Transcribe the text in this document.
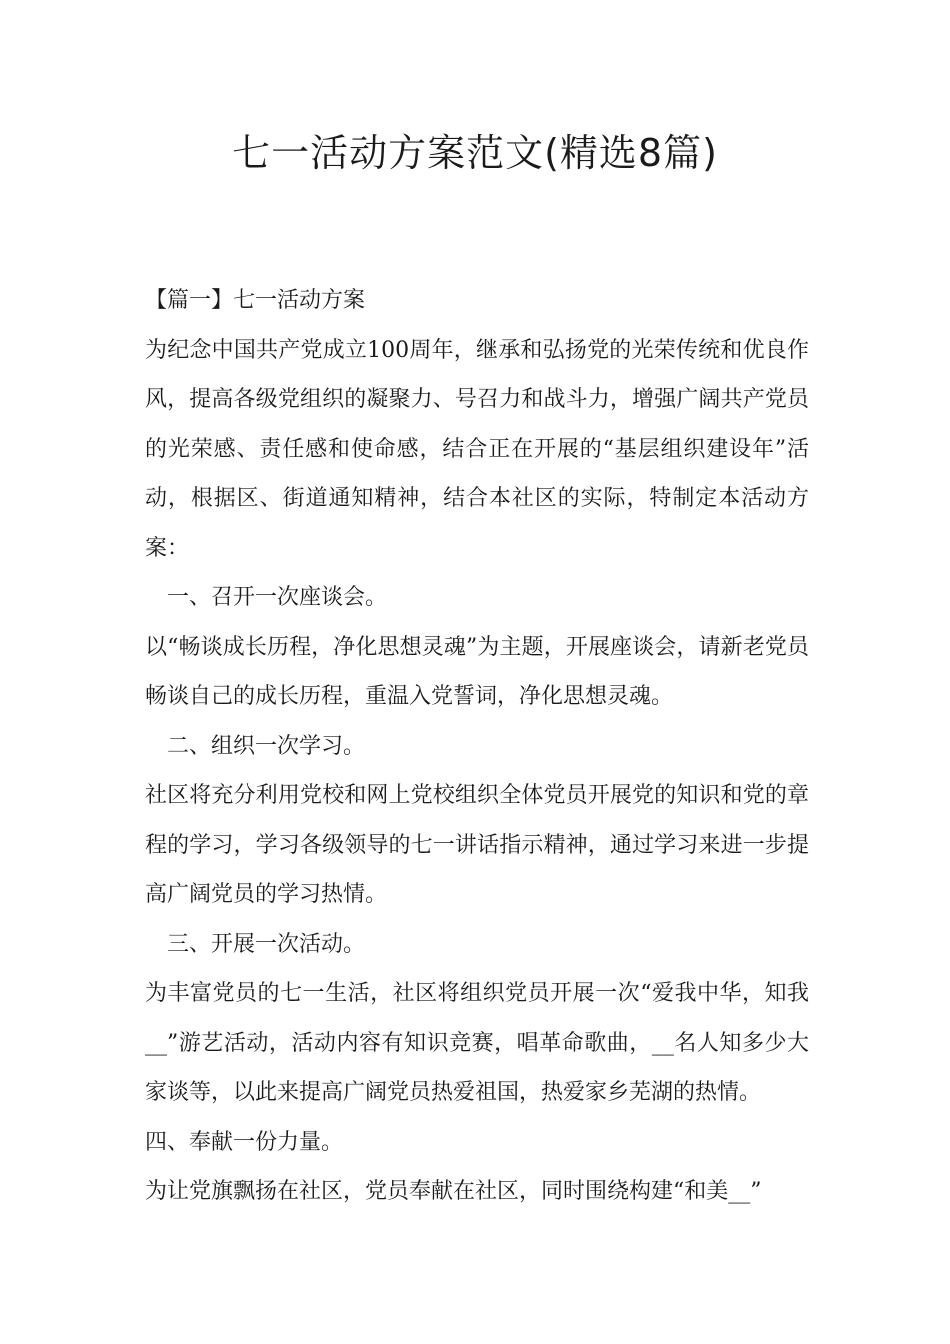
七一活动方案范文(精选8篇)

【篇一】七一活动方案

为纪念中国共产党成立100周年，继承和弘扬党的光荣传统和优良作风，提高各级党组织的凝聚力、号召力和战斗力，增强广阔共产党员的光荣感、责任感和使命感，结合正在开展的“基层组织建设年”活动，根据区、街道通知精神，结合本社区的实际，特制定本活动方案：

一、召开一次座谈会。

以“畅谈成长历程，净化思想灵魂”为主题，开展座谈会，请新老党员畅谈自己的成长历程，重温入党誓词，净化思想灵魂。

二、组织一次学习。

社区将充分利用党校和网上党校组织全体党员开展党的知识和党的章程的学习，学习各级领导的七一讲话指示精神，通过学习来进一步提高广阔党员的学习热情。

三、开展一次活动。

为丰富党员的七一生活，社区将组织党员开展一次“爱我中华，知我__”游艺活动，活动内容有知识竞赛，唱革命歌曲，__名人知多少大家谈等，以此来提高广阔党员热爱祖国，热爱家乡芜湖的热情。

四、奉献一份力量。

为让党旗飘扬在社区，党员奉献在社区，同时围绕构建“和美__”
